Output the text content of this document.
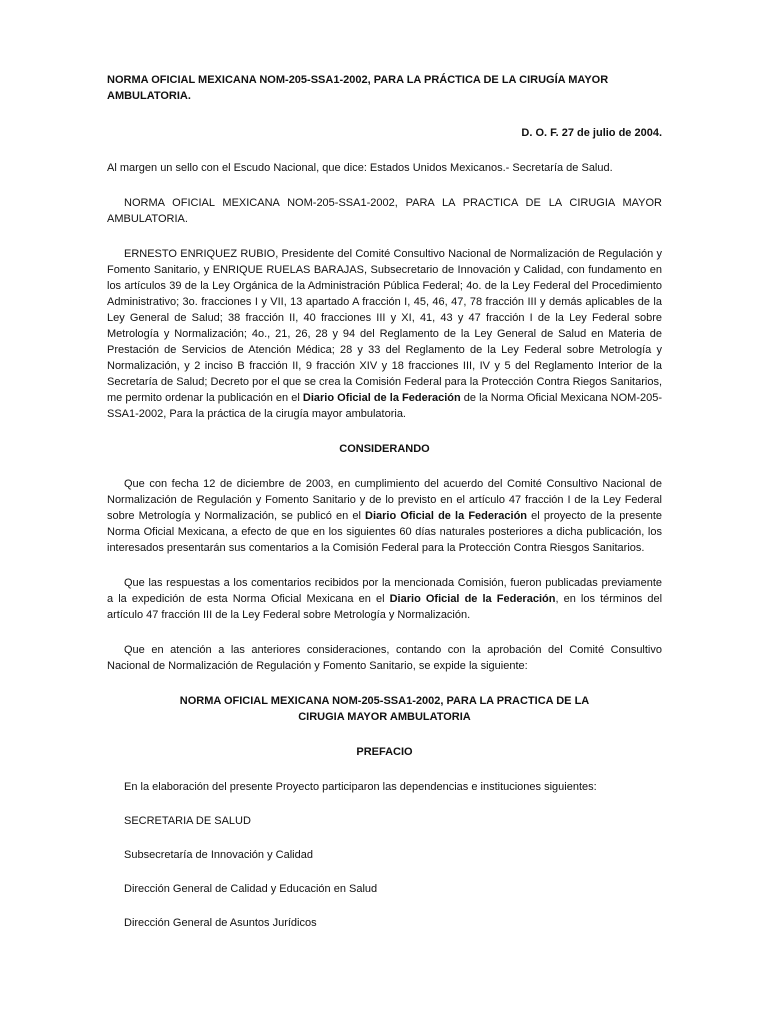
NORMA OFICIAL MEXICANA NOM-205-SSA1-2002, PARA LA PRÁCTICA DE LA CIRUGÍA MAYOR AMBULATORIA.

D. O. F. 27 de julio de 2004.

Al margen un sello con el Escudo Nacional, que dice: Estados Unidos Mexicanos.- Secretaría de Salud.

NORMA OFICIAL MEXICANA NOM-205-SSA1-2002, PARA LA PRACTICA DE LA CIRUGIA MAYOR AMBULATORIA.

ERNESTO ENRIQUEZ RUBIO, Presidente del Comité Consultivo Nacional de Normalización de Regulación y Fomento Sanitario, y ENRIQUE RUELAS BARAJAS, Subsecretario de Innovación y Calidad, con fundamento en los artículos 39 de la Ley Orgánica de la Administración Pública Federal; 4o. de la Ley Federal del Procedimiento Administrativo; 3o. fracciones I y VII, 13 apartado A fracción I, 45, 46, 47, 78 fracción III y demás aplicables de la Ley General de Salud; 38 fracción II, 40 fracciones III y XI, 41, 43 y 47 fracción I de la Ley Federal sobre Metrología y Normalización; 4o., 21, 26, 28 y 94 del Reglamento de la Ley General de Salud en Materia de Prestación de Servicios de Atención Médica; 28 y 33 del Reglamento de la Ley Federal sobre Metrología y Normalización, y 2 inciso B fracción II, 9 fracción XIV y 18 fracciones III, IV y 5 del Reglamento Interior de la Secretaría de Salud; Decreto por el que se crea la Comisión Federal para la Protección Contra Riegos Sanitarios, me permito ordenar la publicación en el Diario Oficial de la Federación de la Norma Oficial Mexicana NOM-205-SSA1-2002, Para la práctica de la cirugía mayor ambulatoria.

CONSIDERANDO

Que con fecha 12 de diciembre de 2003, en cumplimiento del acuerdo del Comité Consultivo Nacional de Normalización de Regulación y Fomento Sanitario y de lo previsto en el artículo 47 fracción I de la Ley Federal sobre Metrología y Normalización, se publicó en el Diario Oficial de la Federación el proyecto de la presente Norma Oficial Mexicana, a efecto de que en los siguientes 60 días naturales posteriores a dicha publicación, los interesados presentarán sus comentarios a la Comisión Federal para la Protección Contra Riesgos Sanitarios.

Que las respuestas a los comentarios recibidos por la mencionada Comisión, fueron publicadas previamente a la expedición de esta Norma Oficial Mexicana en el Diario Oficial de la Federación, en los términos del artículo 47 fracción III de la Ley Federal sobre Metrología y Normalización.

Que en atención a las anteriores consideraciones, contando con la aprobación del Comité Consultivo Nacional de Normalización de Regulación y Fomento Sanitario, se expide la siguiente:

NORMA OFICIAL MEXICANA NOM-205-SSA1-2002, PARA LA PRACTICA DE LA
CIRUGIA MAYOR AMBULATORIA

PREFACIO

En la elaboración del presente Proyecto participaron las dependencias e instituciones siguientes:

SECRETARIA DE SALUD

Subsecretaría de Innovación y Calidad

Dirección General de Calidad y Educación en Salud

Dirección General de Asuntos Jurídicos
